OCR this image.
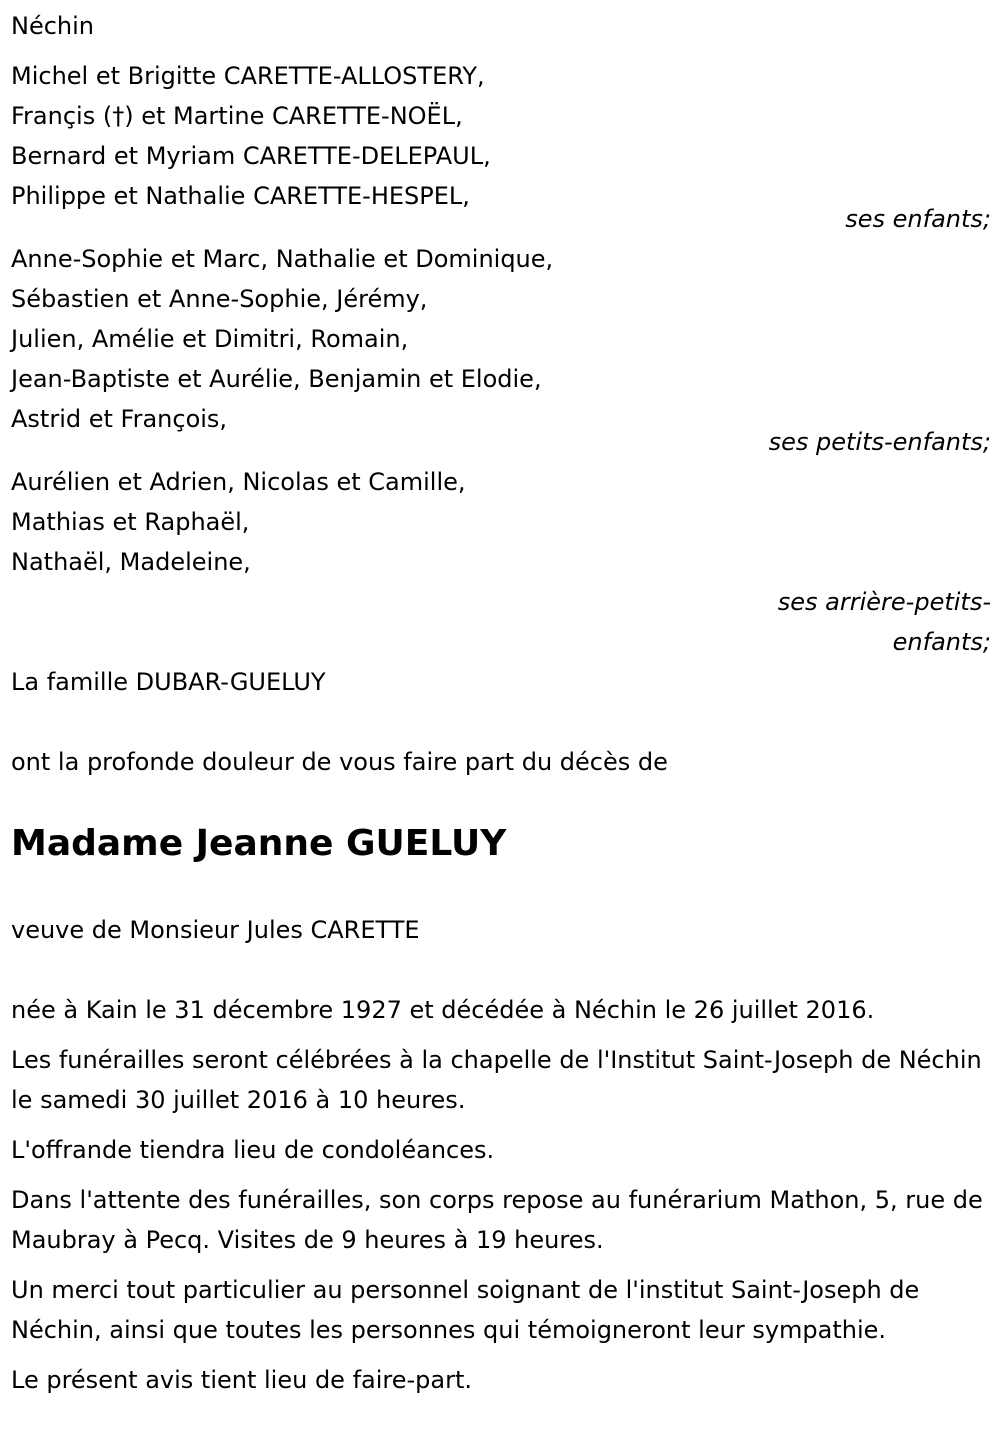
Néchin
Michel et Brigitte CARETTE-ALLOSTERY,
Françis (†) et Martine CARETTE-NOËL,
Bernard et Myriam CARETTE-DELEPAUL,
Philippe et Nathalie CARETTE-HESPEL,
ses enfants;
Anne-Sophie et Marc, Nathalie et Dominique,
Sébastien et Anne-Sophie, Jérémy,
Julien, Amélie et Dimitri, Romain,
Jean-Baptiste et Aurélie, Benjamin et Elodie,
Astrid et François,
ses petits-enfants;
Aurélien et Adrien, Nicolas et Camille,
Mathias et Raphaël,
Nathaël, Madeleine,
ses arrière-petits-
enfants;
La famille DUBAR-GUELUY
ont la profonde douleur de vous faire part du décès de
Madame Jeanne GUELUY
veuve de Monsieur Jules CARETTE
née à Kain le 31 décembre 1927 et décédée à Néchin le 26 juillet 2016.
Les funérailles seront célébrées à la chapelle de l'Institut Saint-Joseph de Néchin le samedi 30 juillet 2016 à 10 heures.
L'offrande tiendra lieu de condoléances.
Dans l'attente des funérailles, son corps repose au funérarium Mathon, 5, rue de Maubray à Pecq. Visites de 9 heures à 19 heures.
Un merci tout particulier au personnel soignant de l'institut Saint-Joseph de Néchin, ainsi que toutes les personnes qui témoigneront leur sympathie.
Le présent avis tient lieu de faire-part.
